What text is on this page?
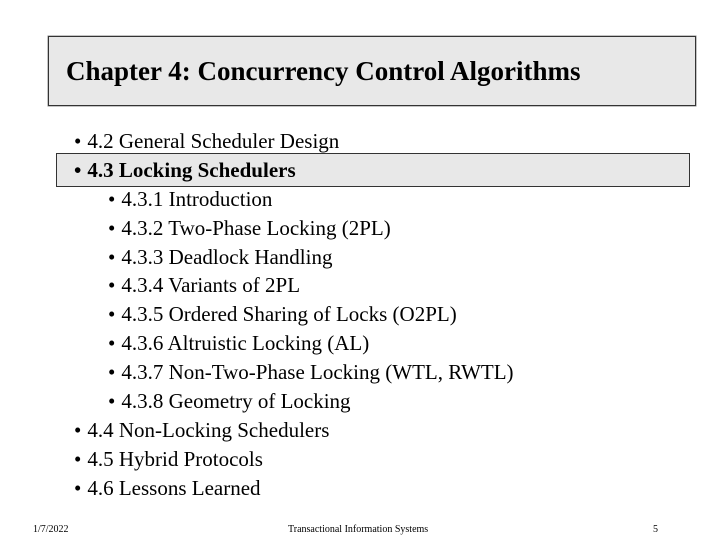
Chapter 4: Concurrency Control Algorithms
• 4.2 General Scheduler Design
• 4.3 Locking Schedulers
• 4.3.1 Introduction
• 4.3.2 Two-Phase Locking (2PL)
• 4.3.3 Deadlock Handling
• 4.3.4 Variants of 2PL
• 4.3.5 Ordered Sharing of Locks (O2PL)
• 4.3.6 Altruistic Locking (AL)
• 4.3.7 Non-Two-Phase Locking (WTL, RWTL)
• 4.3.8 Geometry of Locking
• 4.4 Non-Locking Schedulers
• 4.5 Hybrid Protocols
• 4.6 Lessons Learned
1/7/2022	Transactional Information Systems	5
